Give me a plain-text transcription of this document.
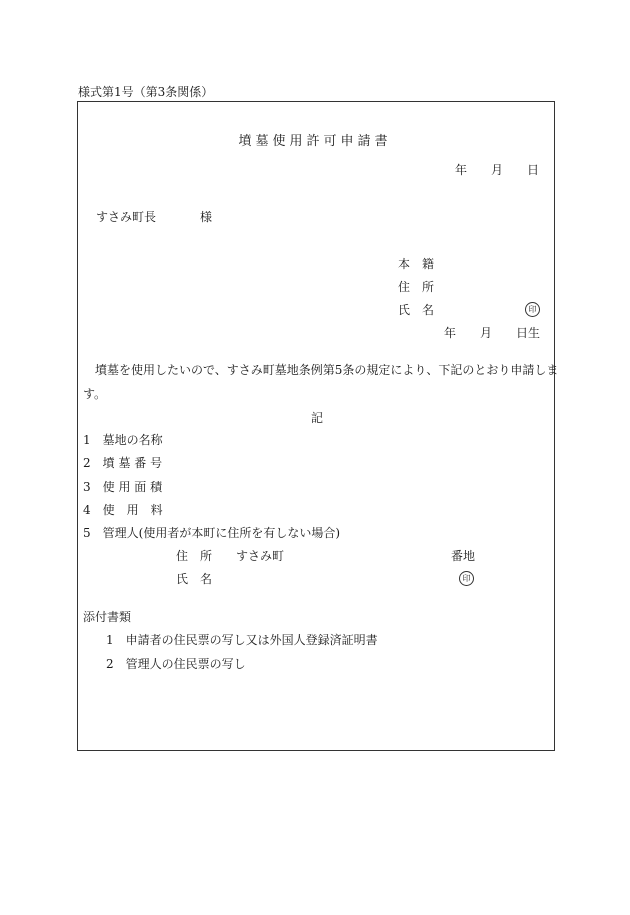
様式第1号（第3条関係）
墳墓使用許可申請書
年 月 日
すさみ町長	様
本　籍
住　所
氏　名	印
年 月 日生
　墳墓を使用したいので、すさみ町墓地条例第5条の規定により、下記のとおり申請しま
す。
記
1　墓地の名称
2　墳 墓 番 号
3　使 用 面 積
4　使　用　料
5　管理人(使用者が本町に住所を有しない場合)
住　所 すさみ町	番地
氏　名	印
添付書類
1　申請者の住民票の写し又は外国人登録済証明書
2　管理人の住民票の写し
